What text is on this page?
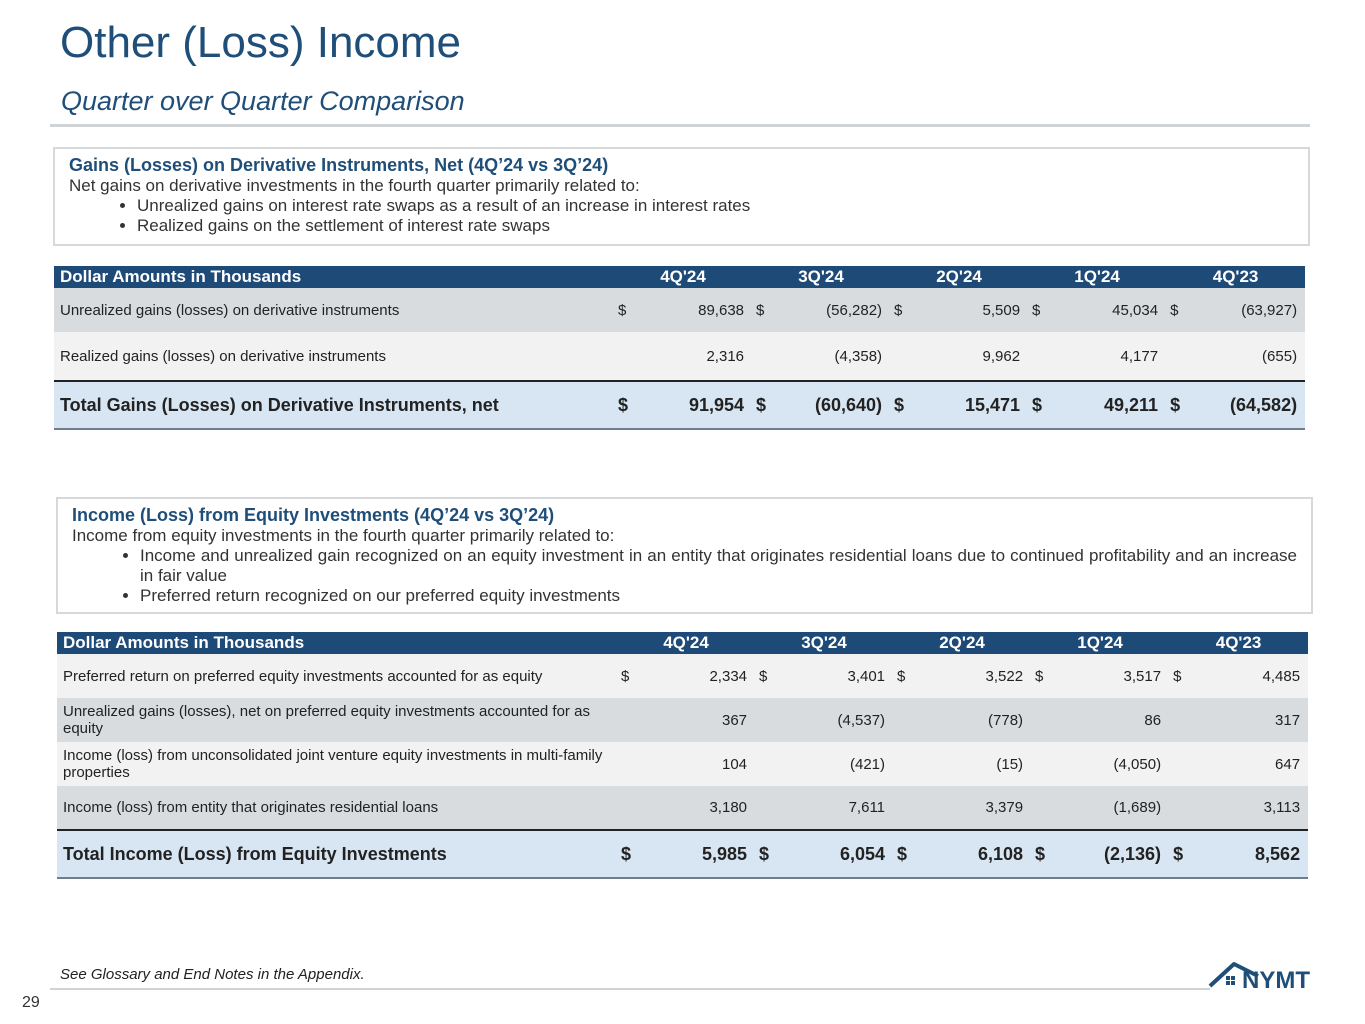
Other (Loss) Income
Quarter over Quarter Comparison
Gains (Losses) on Derivative Instruments, Net (4Q’24 vs 3Q’24)
Net gains on derivative investments in the fourth quarter primarily related to:
• Unrealized gains on interest rate swaps as a result of an increase in interest rates
• Realized gains on the settlement of interest rate swaps
Dollar Amounts in Thousands	4Q'24		3Q'24		2Q'24		1Q'24		4Q'23	
Unrealized gains (losses) on derivative instruments	$	89,638	$	(56,282)	$	5,509	$	45,034	$	(63,927)
Realized gains (losses) on derivative instruments		2,316		(4,358)		9,962		4,177		(655)
Total Gains (Losses) on Derivative Instruments, net	$	91,954	$	(60,640)	$	15,471	$	49,211	$	(64,582)
Income (Loss) from Equity Investments (4Q’24 vs 3Q’24)
Income from equity investments in the fourth quarter primarily related to:
• Income and unrealized gain recognized on an equity investment in an entity that originates residential loans due to continued profitability and an increase in fair value
• Preferred return recognized on our preferred equity investments
Dollar Amounts in Thousands	4Q'24		3Q'24		2Q'24		1Q'24		4Q'23	
Preferred return on preferred equity investments accounted for as equity	$	2,334	$	3,401	$	3,522	$	3,517	$	4,485
Unrealized gains (losses), net on preferred equity investments accounted for as equity		367		(4,537)		(778)		86		317
Income (loss) from unconsolidated joint venture equity investments in multi-family properties		104		(421)		(15)		(4,050)		647
Income (loss) from entity that originates residential loans		3,180		7,611		3,379		(1,689)		3,113
Total Income (Loss) from Equity Investments	$	5,985	$	6,054	$	6,108	$	(2,136)	$	8,562
See Glossary and End Notes in the Appendix.
29
NYMT
